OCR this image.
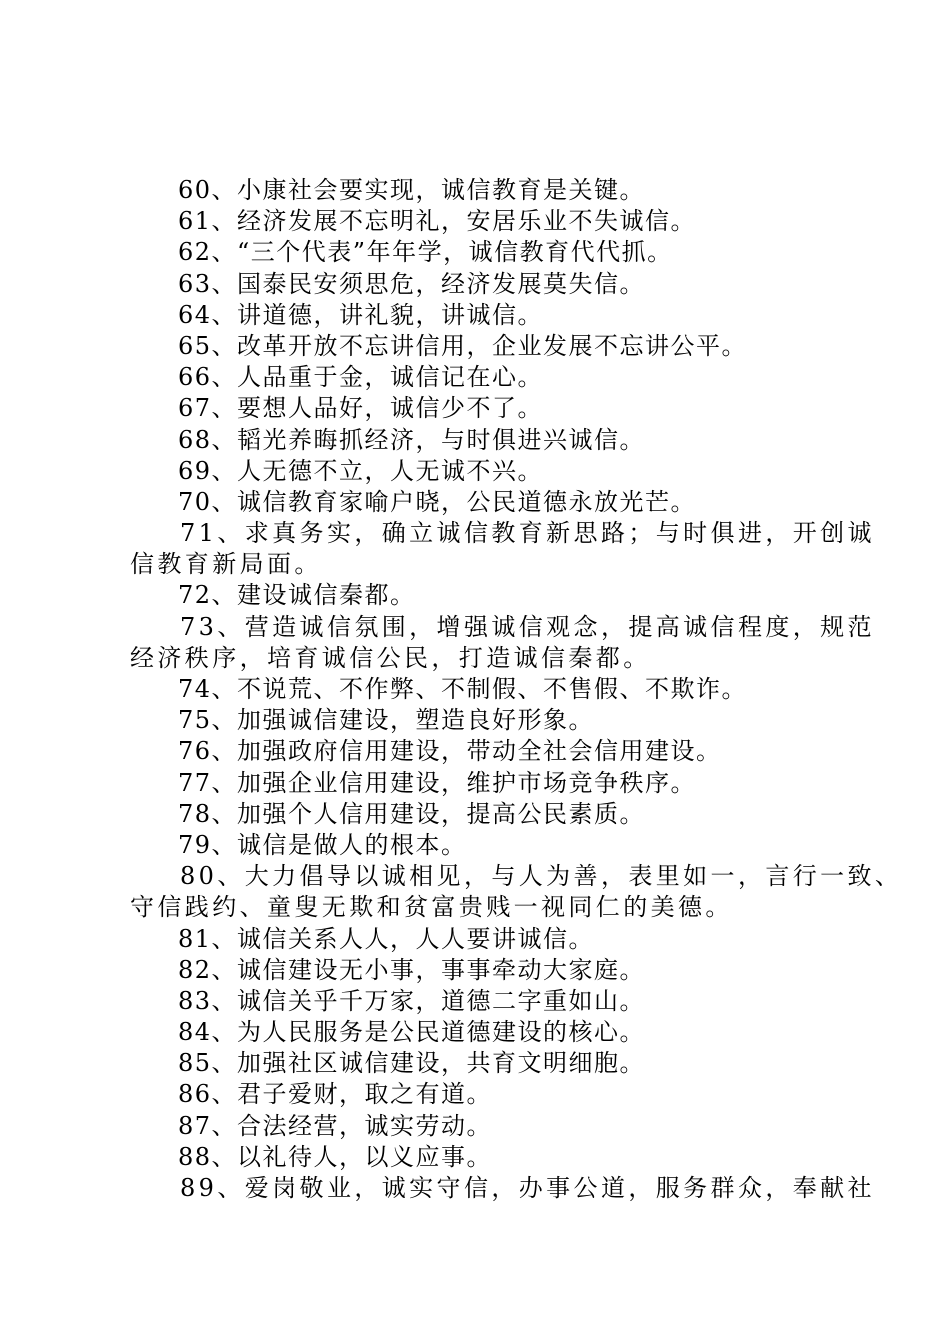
60、小康社会要实现，诚信教育是关键。
61、经济发展不忘明礼，安居乐业不失诚信。
62、“三个代表”年年学，诚信教育代代抓。
63、国泰民安须思危，经济发展莫失信。
64、讲道德，讲礼貌，讲诚信。
65、改革开放不忘讲信用，企业发展不忘讲公平。
66、人品重于金，诚信记在心。
67、要想人品好，诚信少不了。
68、韬光养晦抓经济，与时俱进兴诚信。
69、人无德不立，人无诚不兴。
70、诚信教育家喻户晓，公民道德永放光芒。
71、求真务实，确立诚信教育新思路；与时俱进，开创诚
信教育新局面。
72、建设诚信秦都。
73、营造诚信氛围，增强诚信观念，提高诚信程度，规范
经济秩序，培育诚信公民，打造诚信秦都。
74、不说荒、不作弊、不制假、不售假、不欺诈。
75、加强诚信建设，塑造良好形象。
76、加强政府信用建设，带动全社会信用建设。
77、加强企业信用建设，维护市场竞争秩序。
78、加强个人信用建设，提高公民素质。
79、诚信是做人的根本。
80、大力倡导以诚相见，与人为善，表里如一，言行一致、
守信践约、童叟无欺和贫富贵贱一视同仁的美德。
81、诚信关系人人，人人要讲诚信。
82、诚信建设无小事，事事牵动大家庭。
83、诚信关乎千万家，道德二字重如山。
84、为人民服务是公民道德建设的核心。
85、加强社区诚信建设，共育文明细胞。
86、君子爱财，取之有道。
87、合法经营，诚实劳动。
88、以礼待人，以义应事。
89、爱岗敬业，诚实守信，办事公道，服务群众，奉献社
